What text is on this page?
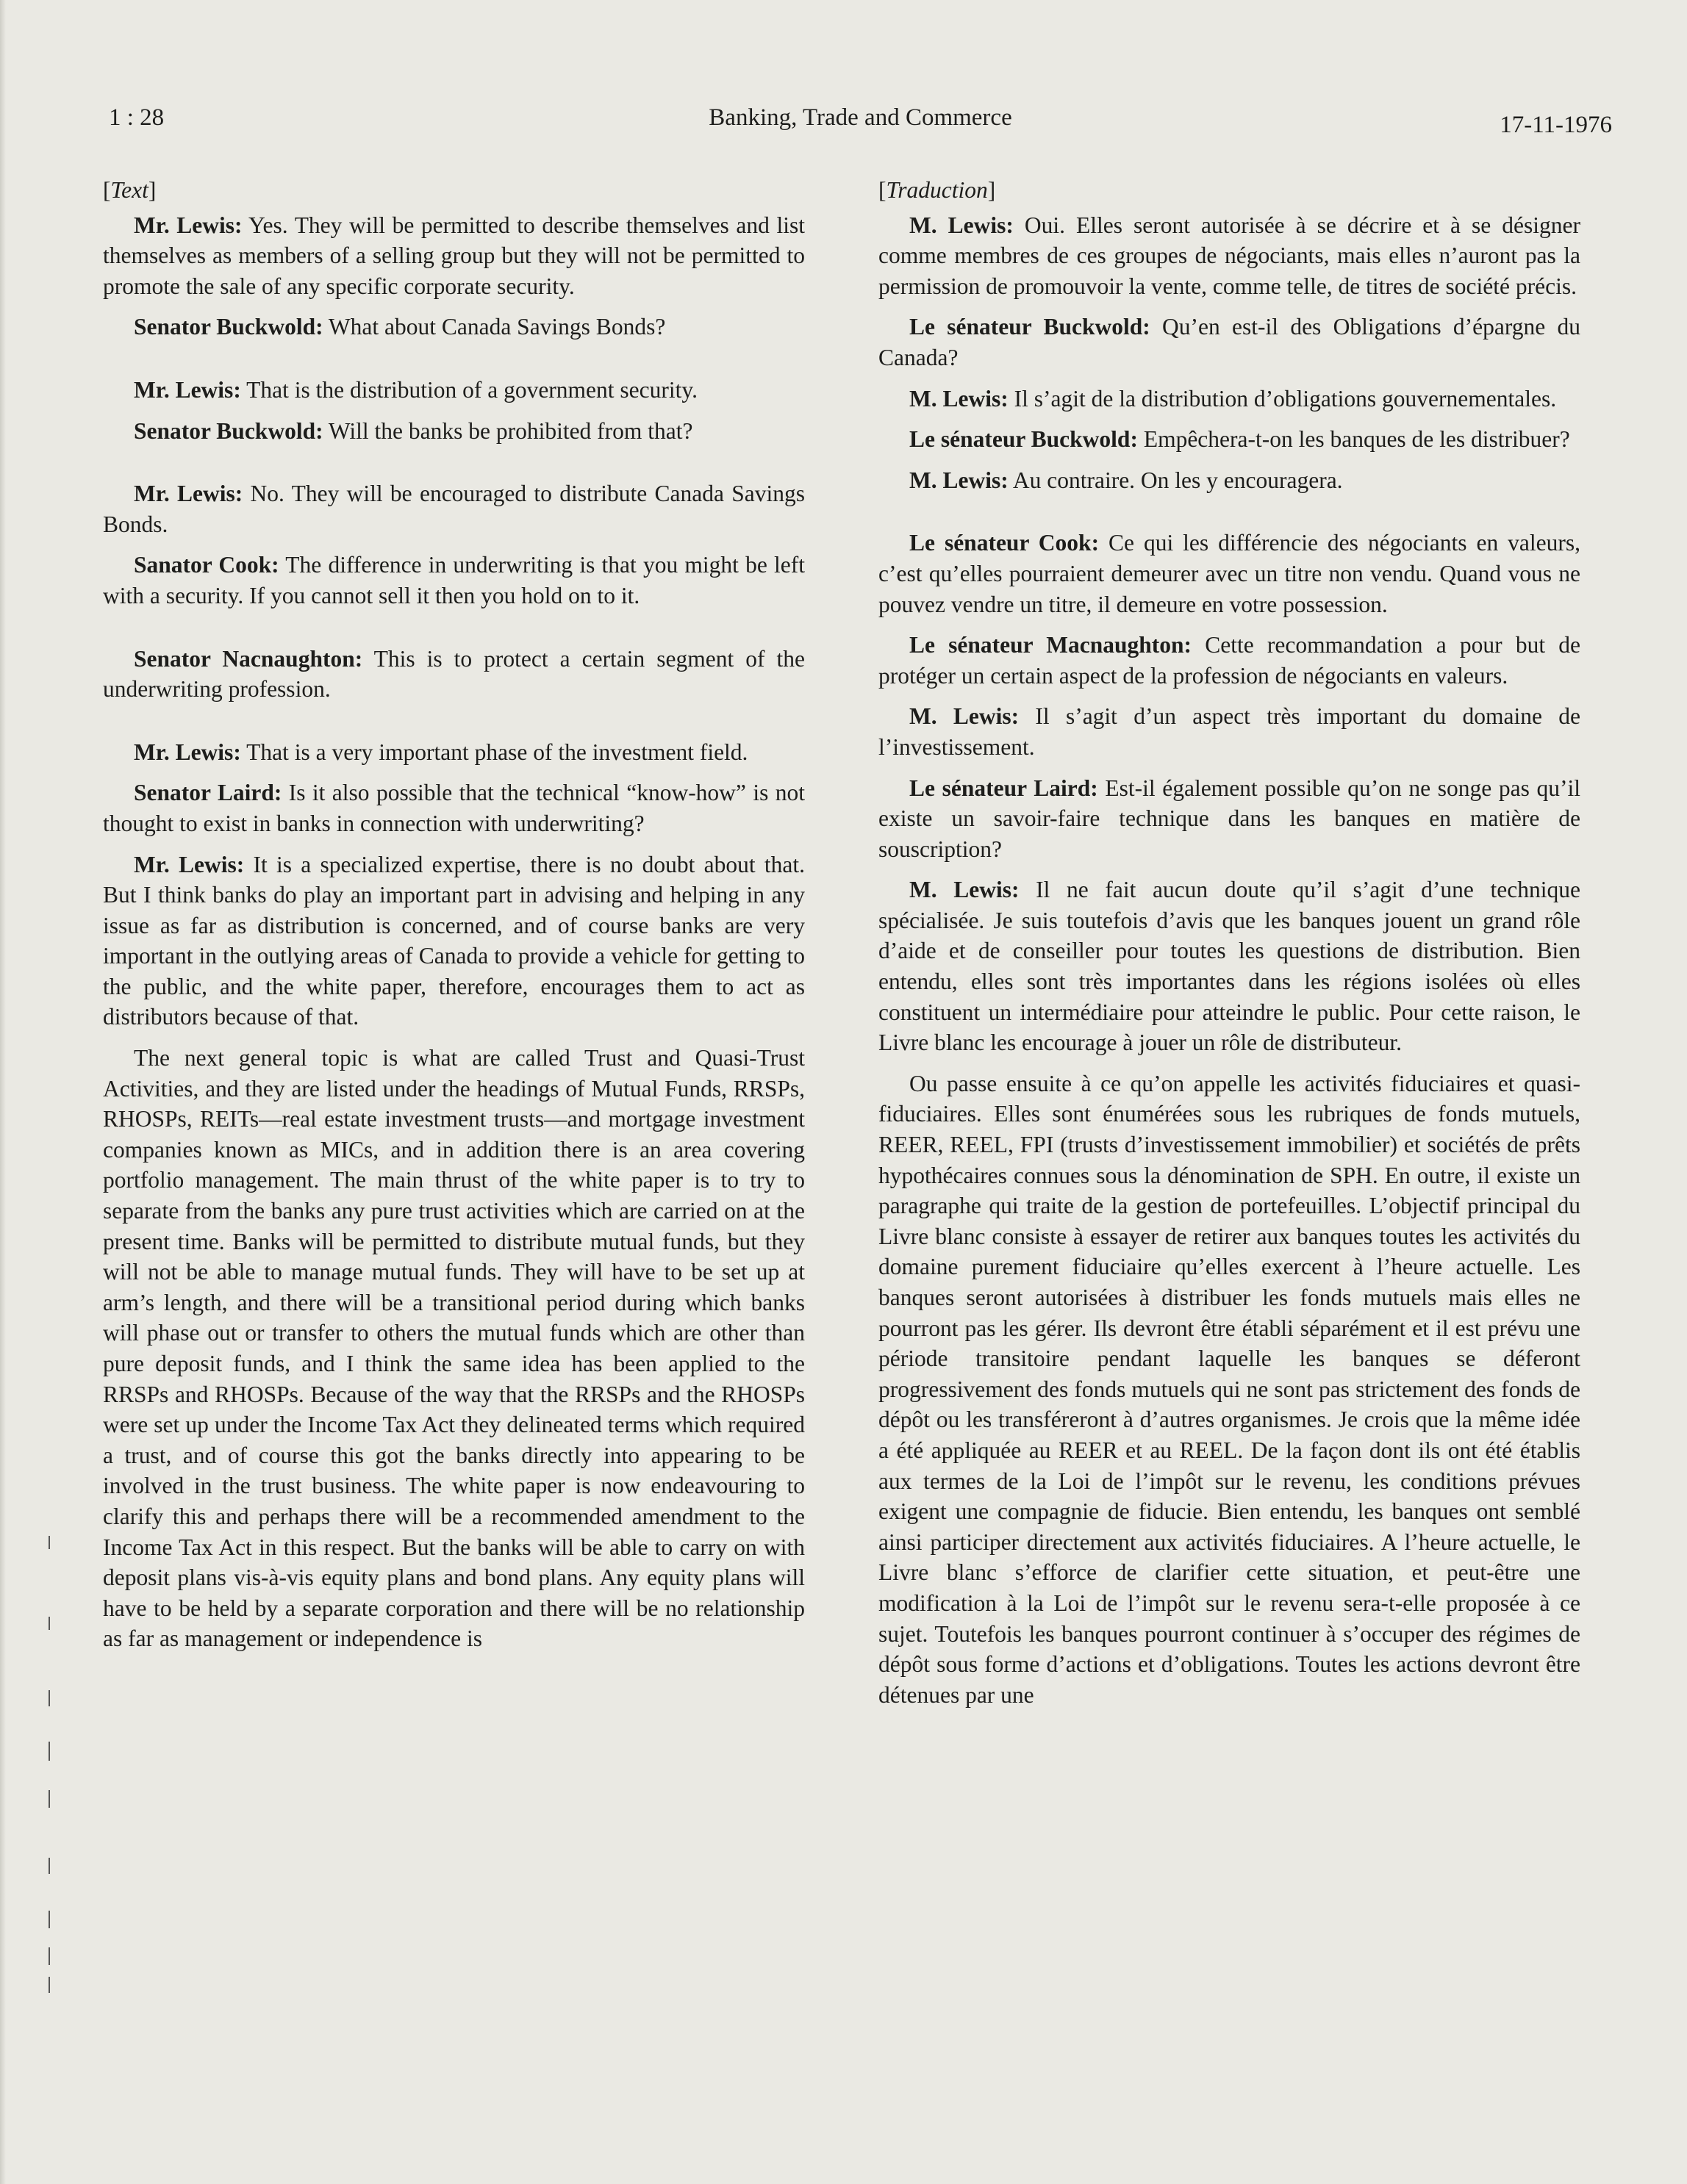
1 : 28	Banking, Trade and Commerce	17-11-1976

[Text]

Mr. Lewis: Yes. They will be permitted to describe themselves and list themselves as members of a selling group but they will not be permitted to promote the sale of any specific corporate security.

Senator Buckwold: What about Canada Savings Bonds?

Mr. Lewis: That is the distribution of a government security.

Senator Buckwold: Will the banks be prohibited from that?

Mr. Lewis: No. They will be encouraged to distribute Canada Savings Bonds.

Sanator Cook: The difference in underwriting is that you might be left with a security. If you cannot sell it then you hold on to it.

Senator Nacnaughton: This is to protect a certain segment of the underwriting profession.

Mr. Lewis: That is a very important phase of the investment field.

Senator Laird: Is it also possible that the technical “know-how” is not thought to exist in banks in connection with underwriting?

Mr. Lewis: It is a specialized expertise, there is no doubt about that. But I think banks do play an important part in advising and helping in any issue as far as distribution is concerned, and of course banks are very important in the outlying areas of Canada to provide a vehicle for getting to the public, and the white paper, therefore, encourages them to act as distributors because of that.

The next general topic is what are called Trust and Quasi-Trust Activities, and they are listed under the headings of Mutual Funds, RRSPs, RHOSPs, REITs—real estate investment trusts—and mortgage investment companies known as MICs, and in addition there is an area covering portfolio management. The main thrust of the white paper is to try to separate from the banks any pure trust activities which are carried on at the present time. Banks will be permitted to distribute mutual funds, but they will not be able to manage mutual funds. They will have to be set up at arm’s length, and there will be a transitional period during which banks will phase out or transfer to others the mutual funds which are other than pure deposit funds, and I think the same idea has been applied to the RRSPs and RHOSPs. Because of the way that the RRSPs and the RHOSPs were set up under the Income Tax Act they delineated terms which required a trust, and of course this got the banks directly into appearing to be involved in the trust business. The white paper is now endeavouring to clarify this and perhaps there will be a recommended amendment to the Income Tax Act in this respect. But the banks will be able to carry on with deposit plans vis-à-vis equity plans and bond plans. Any equity plans will have to be held by a separate corporation and there will be no relationship as far as management or independence is

[Traduction]

M. Lewis: Oui. Elles seront autorisée à se décrire et à se désigner comme membres de ces groupes de négociants, mais elles n’auront pas la permission de promouvoir la vente, comme telle, de titres de société précis.

Le sénateur Buckwold: Qu’en est-il des Obligations d’épargne du Canada?

M. Lewis: Il s’agit de la distribution d’obligations gouvernementales.

Le sénateur Buckwold: Empêchera-t-on les banques de les distribuer?

M. Lewis: Au contraire. On les y encouragera.

Le sénateur Cook: Ce qui les différencie des négociants en valeurs, c’est qu’elles pourraient demeurer avec un titre non vendu. Quand vous ne pouvez vendre un titre, il demeure en votre possession.

Le sénateur Macnaughton: Cette recommandation a pour but de protéger un certain aspect de la profession de négociants en valeurs.

M. Lewis: Il s’agit d’un aspect très important du domaine de l’investissement.

Le sénateur Laird: Est-il également possible qu’on ne songe pas qu’il existe un savoir-faire technique dans les banques en matière de souscription?

M. Lewis: Il ne fait aucun doute qu’il s’agit d’une technique spécialisée. Je suis toutefois d’avis que les banques jouent un grand rôle d’aide et de conseiller pour toutes les questions de distribution. Bien entendu, elles sont très importantes dans les régions isolées où elles constituent un intermédiaire pour atteindre le public. Pour cette raison, le Livre blanc les encourage à jouer un rôle de distributeur.

Ou passe ensuite à ce qu’on appelle les activités fiduciaires et quasi-fiduciaires. Elles sont énumérées sous les rubriques de fonds mutuels, REER, REEL, FPI (trusts d’investissement immobilier) et sociétés de prêts hypothécaires connues sous la dénomination de SPH. En outre, il existe un paragraphe qui traite de la gestion de portefeuilles. L’objectif principal du Livre blanc consiste à essayer de retirer aux banques toutes les activités du domaine purement fiduciaire qu’elles exercent à l’heure actuelle. Les banques seront autorisées à distribuer les fonds mutuels mais elles ne pourront pas les gérer. Ils devront être établi séparément et il est prévu une période transitoire pendant laquelle les banques se déferont progressivement des fonds mutuels qui ne sont pas strictement des fonds de dépôt ou les transféreront à d’autres organismes. Je crois que la même idée a été appliquée au REER et au REEL. De la façon dont ils ont été établis aux termes de la Loi de l’impôt sur le revenu, les conditions prévues exigent une compagnie de fiducie. Bien entendu, les banques ont semblé ainsi participer directement aux activités fiduciaires. A l’heure actuelle, le Livre blanc s’efforce de clarifier cette situation, et peut-être une modification à la Loi de l’impôt sur le revenu sera-t-elle proposée à ce sujet. Toutefois les banques pourront continuer à s’occuper des régimes de dépôt sous forme d’actions et d’obligations. Toutes les actions devront être détenues par une
